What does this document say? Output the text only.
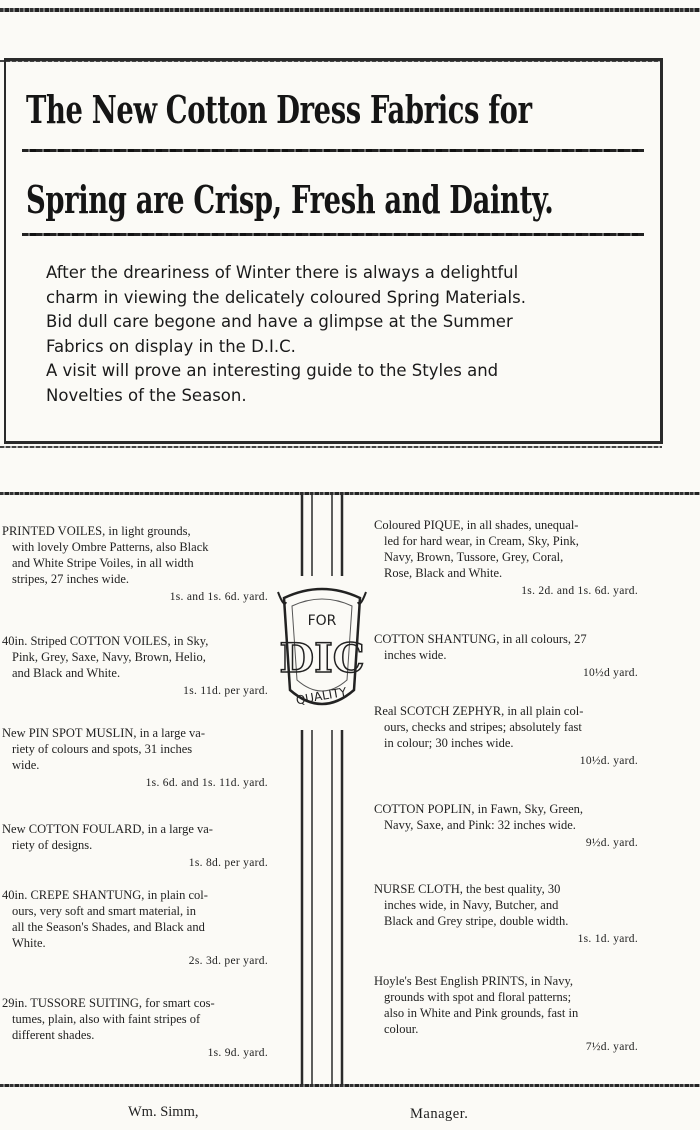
The New Cotton Dress Fabrics for
Spring are Crisp, Fresh and Dainty.

After the dreariness of Winter there is always a delightful
charm in viewing the delicately coloured Spring Materials.
Bid dull care begone and have a glimpse at the Summer
Fabrics on display in the D.I.C.
A visit will prove an interesting guide to the Styles and
Novelties of the Season.

PRINTED VOILES, in light grounds,
with lovely Ombre Patterns, also Black
and White Stripe Voiles, in all width
stripes, 27 inches wide.

1s. and 1s. 6d. yard.

40in. Striped COTTON VOILES, in Sky,
Pink, Grey, Saxe, Navy, Brown, Helio,
and Black and White.

1s. 11d. per yard.

New PIN SPOT MUSLIN, in a large va-
riety of colours and spots, 31 inches
wide.

1s. 6d. and 1s. 11d. yard.

New COTTON FOULARD, in a large va-
riety of designs.

1s. 8d. per yard.

40in. CREPE SHANTUNG, in plain col-
ours, very soft and smart material, in
all the Season's Shades, and Black and
White.

2s. 3d. per yard.

29in. TUSSORE SUITING, for smart cos-
tumes, plain, also with faint stripes of
different shades.

1s. 9d. yard.
FOR
DIC
QUALITY

Coloured PIQUE, in all shades, unequal-
led for hard wear, in Cream, Sky, Pink,
Navy, Brown, Tussore, Grey, Coral,
Rose, Black and White.

1s. 2d. and 1s. 6d. yard.

COTTON SHANTUNG, in all colours, 27
inches wide.

10½d yard.

Real SCOTCH ZEPHYR, in all plain col-
ours, checks and stripes; absolutely fast
in colour; 30 inches wide.

10½d. yard.

COTTON POPLIN, in Fawn, Sky, Green,
Navy, Saxe, and Pink: 32 inches wide.

9½d. yard.

NURSE CLOTH, the best quality, 30
inches wide, in Navy, Butcher, and
Black and Grey stripe, double width.

1s. 1d. yard.

Hoyle's Best English PRINTS, in Navy,
grounds with spot and floral patterns;
also in White and Pink grounds, fast in
colour.

7½d. yard.
Wm. Simm,	Manager.
